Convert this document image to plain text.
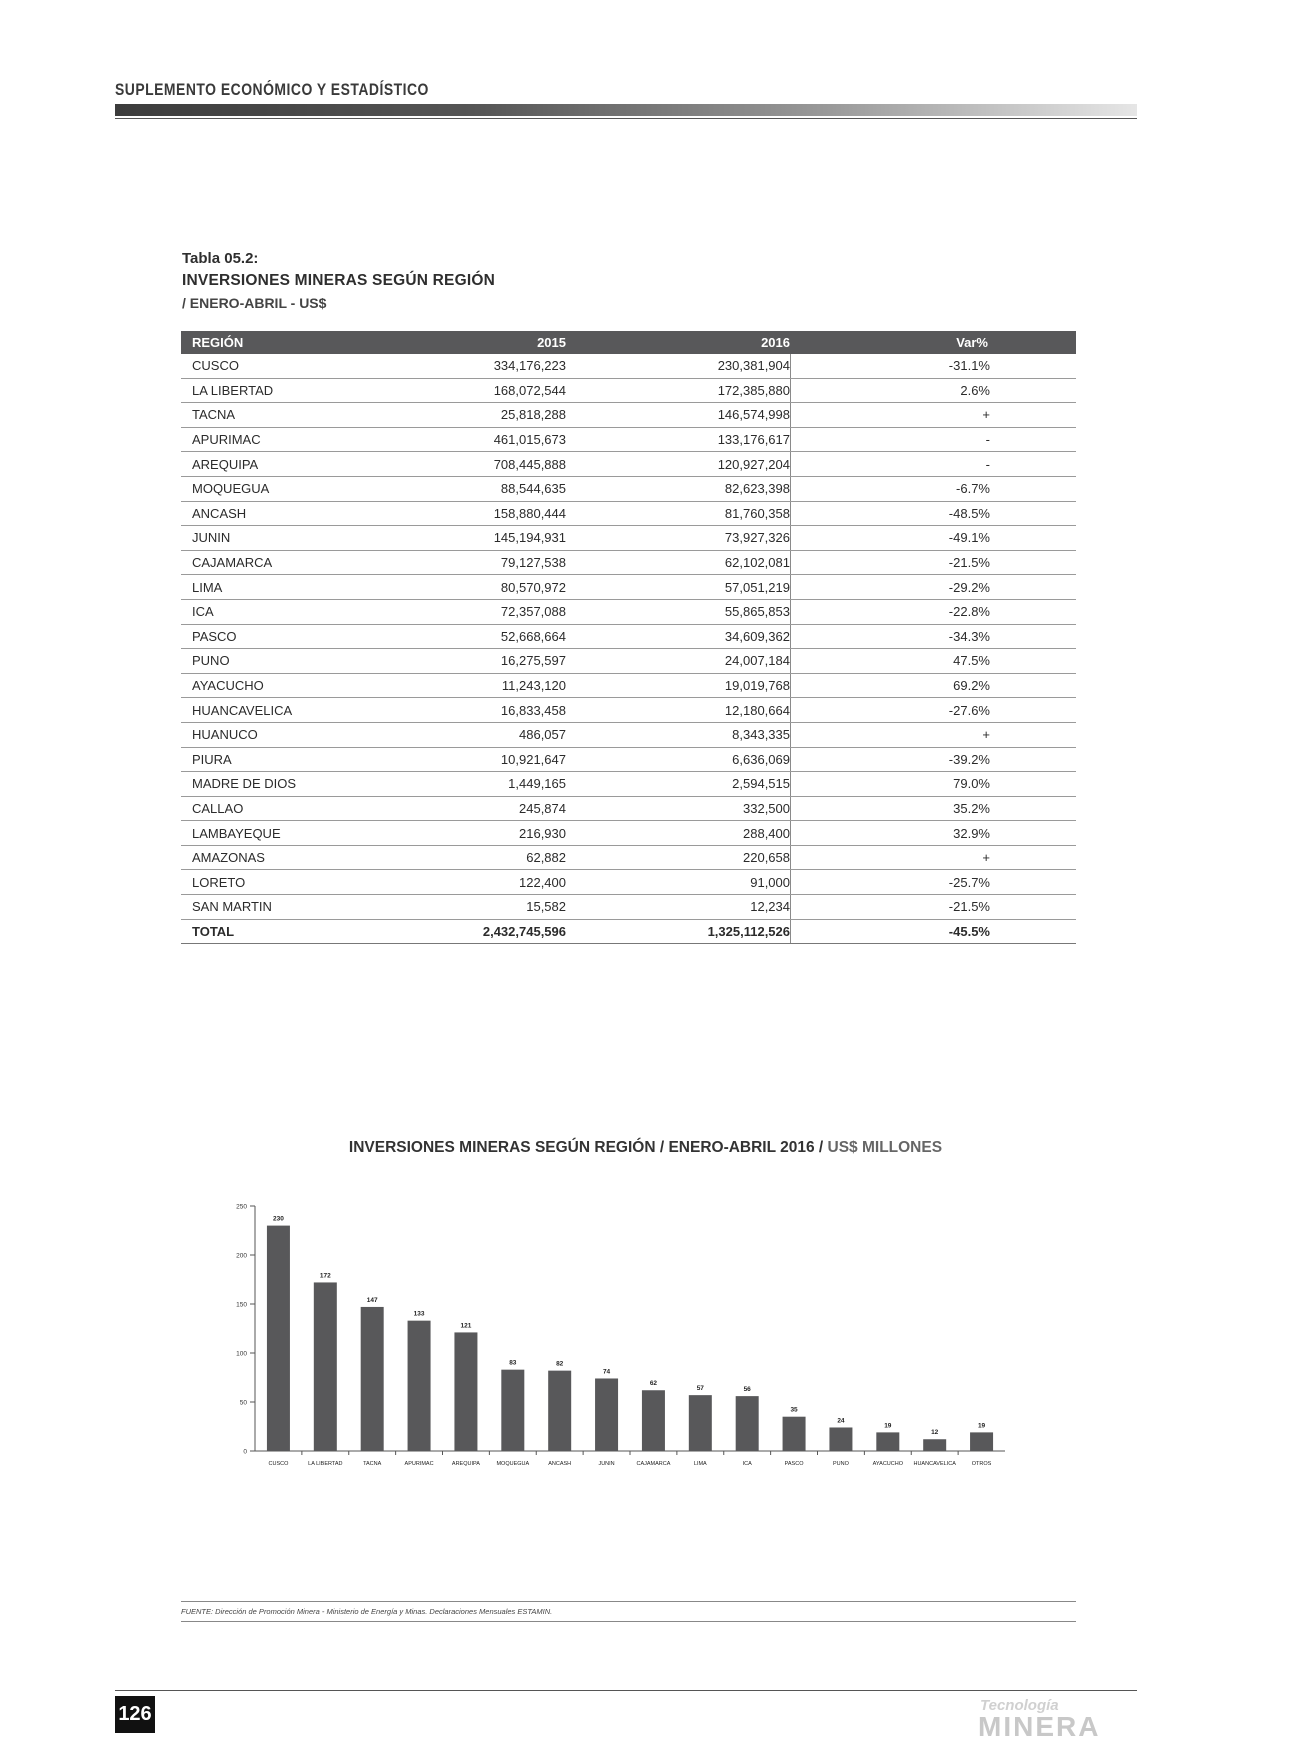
SUPLEMENTO ECONÓMICO Y ESTADÍSTICO
Tabla 05.2:
INVERSIONES MINERAS SEGÚN REGIÓN
/ ENERO-ABRIL - US$
REGIÓN	2015	2016	Var%
CUSCO	334,176,223	230,381,904	-31.1%
LA LIBERTAD	168,072,544	172,385,880	2.6%
TACNA	25,818,288	146,574,998	+
APURIMAC	461,015,673	133,176,617	-
AREQUIPA	708,445,888	120,927,204	-
MOQUEGUA	88,544,635	82,623,398	-6.7%
ANCASH	158,880,444	81,760,358	-48.5%
JUNIN	145,194,931	73,927,326	-49.1%
CAJAMARCA	79,127,538	62,102,081	-21.5%
LIMA	80,570,972	57,051,219	-29.2%
ICA	72,357,088	55,865,853	-22.8%
PASCO	52,668,664	34,609,362	-34.3%
PUNO	16,275,597	24,007,184	47.5%
AYACUCHO	11,243,120	19,019,768	69.2%
HUANCAVELICA	16,833,458	12,180,664	-27.6%
HUANUCO	486,057	8,343,335	+
PIURA	10,921,647	6,636,069	-39.2%
MADRE DE DIOS	1,449,165	2,594,515	79.0%
CALLAO	245,874	332,500	35.2%
LAMBAYEQUE	216,930	288,400	32.9%
AMAZONAS	62,882	220,658	+
LORETO	122,400	91,000	-25.7%
SAN MARTIN	15,582	12,234	-21.5%
TOTAL	2,432,745,596	1,325,112,526	-45.5%
INVERSIONES MINERAS SEGÚN REGIÓN / ENERO-ABRIL 2016 / US$ MILLONES
0
50
100
150
200
250
230
CUSCO
172
LA LIBERTAD
147
TACNA
133
APURIMAC
121
AREQUIPA
83
MOQUEGUA
82
ANCASH
74
JUNIN
62
CAJAMARCA
57
LIMA
56
ICA
35
PASCO
24
PUNO
19
AYACUCHO
12
HUANCAVELICA
19
OTROS
FUENTE: Dirección de Promoción Minera - Ministerio de Energía y Minas. Declaraciones Mensuales ESTAMIN.
126	Tecnología
MINERA
